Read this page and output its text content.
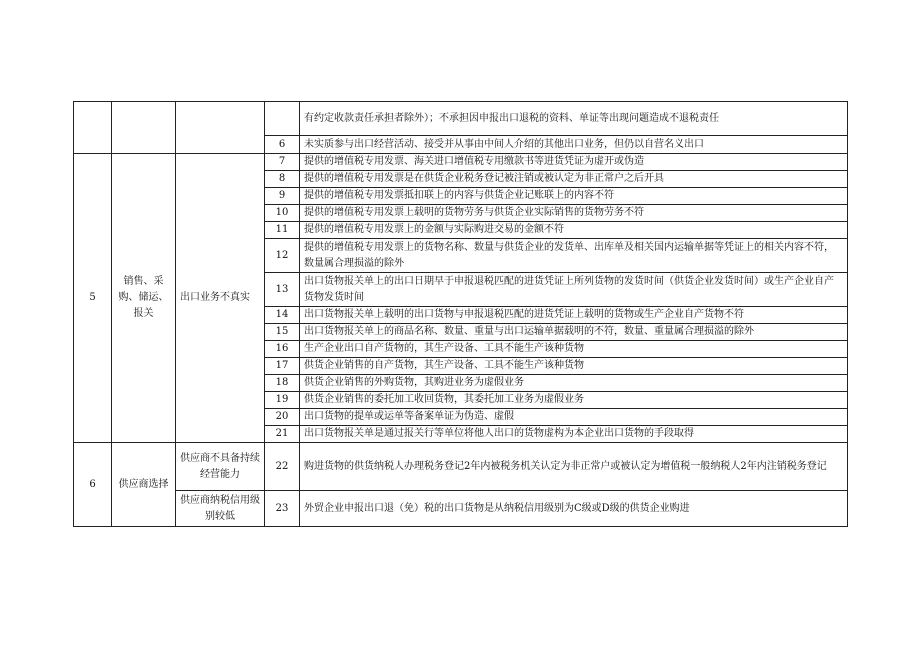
				有约定收款责任承担者除外）；不承担因申报出口退税的资料、单证等出现问题造成不退税责任
			6	未实质参与出口经营活动、接受并从事由中间人介绍的其他出口业务，但仍以自营名义出口
5	销售、采购、储运、报关	出口业务不真实	7	提供的增值税专用发票、海关进口增值税专用缴款书等进货凭证为虚开或伪造
			8	提供的增值税专用发票是在供货企业税务登记被注销或被认定为非正常户之后开具
			9	提供的增值税专用发票抵扣联上的内容与供货企业记账联上的内容不符
			10	提供的增值税专用发票上载明的货物劳务与供货企业实际销售的货物劳务不符
			11	提供的增值税专用发票上的金额与实际购进交易的金额不符
			12	提供的增值税专用发票上的货物名称、数量与供货企业的发货单、出库单及相关国内运输单据等凭证上的相关内容不符，数量属合理损溢的除外
			13	出口货物报关单上的出口日期早于申报退税匹配的进货凭证上所列货物的发货时间（供货企业发货时间）或生产企业自产货物发货时间
			14	出口货物报关单上载明的出口货物与申报退税匹配的进货凭证上载明的货物或生产企业自产货物不符
			15	出口货物报关单上的商品名称、数量、重量与出口运输单据载明的不符，数量、重量属合理损溢的除外
			16	生产企业出口自产货物的，其生产设备、工具不能生产该种货物
			17	供货企业销售的自产货物，其生产设备、工具不能生产该种货物
			18	供货企业销售的外购货物，其购进业务为虚假业务
			19	供货企业销售的委托加工收回货物，其委托加工业务为虚假业务
			20	出口货物的提单或运单等备案单证为伪造、虚假
			21	出口货物报关单是通过报关行等单位将他人出口的货物虚构为本企业出口货物的手段取得
6	供应商选择	供应商不具备持续经营能力	22	购进货物的供货纳税人办理税务登记2年内被税务机关认定为非正常户或被认定为增值税一般纳税人2年内注销税务登记
		供应商纳税信用级别较低	23	外贸企业申报出口退（免）税的出口货物是从纳税信用级别为C级或D级的供货企业购进
